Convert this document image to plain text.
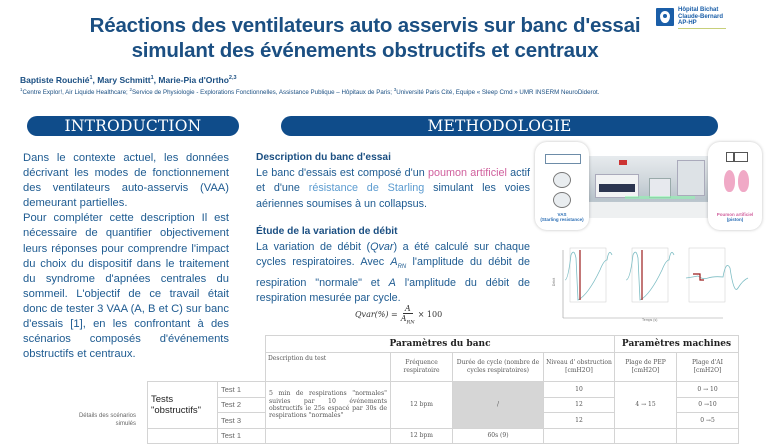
Réactions des ventilateurs auto asservis sur banc d'essai
simulant des événements obstructifs et centraux
Hôpital Bichat
Claude-Bernard
AP-HP
Baptiste Rouchié$^1$, Mary Schmitt$^1$, Marie-Pia d'Ortho$^{2,3}$
$^1$Centre Explor!, Air Liquide Healthcare; $^2$Service de Physiologie - Explorations Fonctionnelles, Assistance Publique – Hôpitaux de Paris; $^3$Université Paris Cité, Equipe « Sleep Cmd » UMR INSERM NeuroDiderot.
INTRODUCTION

Dans le contexte actuel, les données décrivant les modes de fonctionnement des ventilateurs auto-asservis (VAA) demeurant partielles.

Pour compléter cette description Il est nécessaire de quantifier objectivement leurs réponses pour comprendre l'impact du choix du dispositif dans le traitement du syndrome d'apnées centrales du sommeil. L'objectif de ce travail était donc de tester 3 VAA (A, B et C) sur banc d'essais [1], en les confrontant à des scénarios composés d'événements obstructifs et centraux.

METHODOLOGIE
Description du banc d'essai
Le banc d'essais est composé d'un poumon artificiel actif et d'une résistance de Starling simulant les voies aériennes soumises à un collapsus.
Étude de la variation de débit
La variation de débit (Qvar) a été calculé sur chaque cycles respiratoires. Avec $A_{RN}$ l'amplitude du débit de respiration "normale" et A l'amplitude du débit de respiration mesurée par cycle.
Qvar(%) = $\frac{A}{A_{RN}} \times 100$
VAS
(Starling resistance)
Poumon artificiel
(piston)
Temps (s)
Débit
Détails des scénarios simulés
		Paramètres du banc				Paramètres machines	
		Description du test	Fréquence respiratoire	Durée de cycle (nombre de cycles respiratoires)	Niveau d' obstruction [cmH2O]	Plage de PEP [cmH2O]	Plage d'AI [cmH2O]

Tests
"obstructifs"	Test 1	5 min de respirations "normales" suivies par 10 événements obstructifs ie 25s espacé par 30s de respirations "normales"	12 bpm	/	10	4 → 15	0 → 10
	Test 2				12		0 →10
	Test 3				12		0 →5
	Test 1		12 bpm	60s (9)			
